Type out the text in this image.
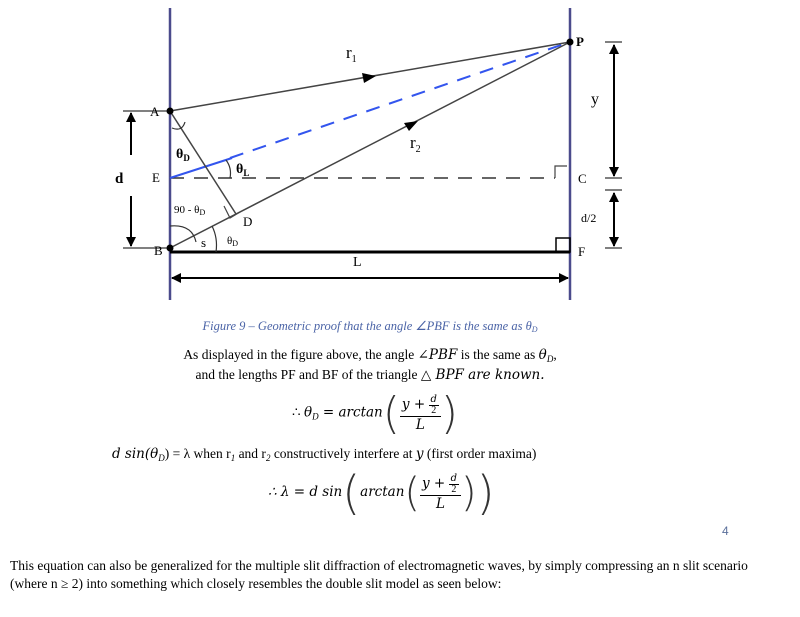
$r_1$
$r_2$
P
y
A
E
d
B
C
F
d/2
D
s
L
$\theta_D$
$\theta_L$
90 - θD
θD
Figure 9 – Geometric proof that the angle ∠PBF is the same as $\theta_D$
As displayed in the figure above, the angle ∠PBF is the same as $\theta_D$,
and the lengths PF and BF of the triangle △ BPF are known.
∴ $\theta_D = \arctan( \frac{y + \frac{d}{2}}{L}$ )
d $\sin(\theta_D) = \lambda$ when $r_1$ and $r_2$ constructively interfere at y (first order maxima)
∴ λ = d $\sin(\arctan( \frac{y + \frac{d}{2}}{L}$ ))
4
This equation can also be generalized for the multiple slit diffraction of electromagnetic waves, by simply compressing an n slit scenario (where n ≥ 2) into something which closely resembles the double slit model as seen below:
